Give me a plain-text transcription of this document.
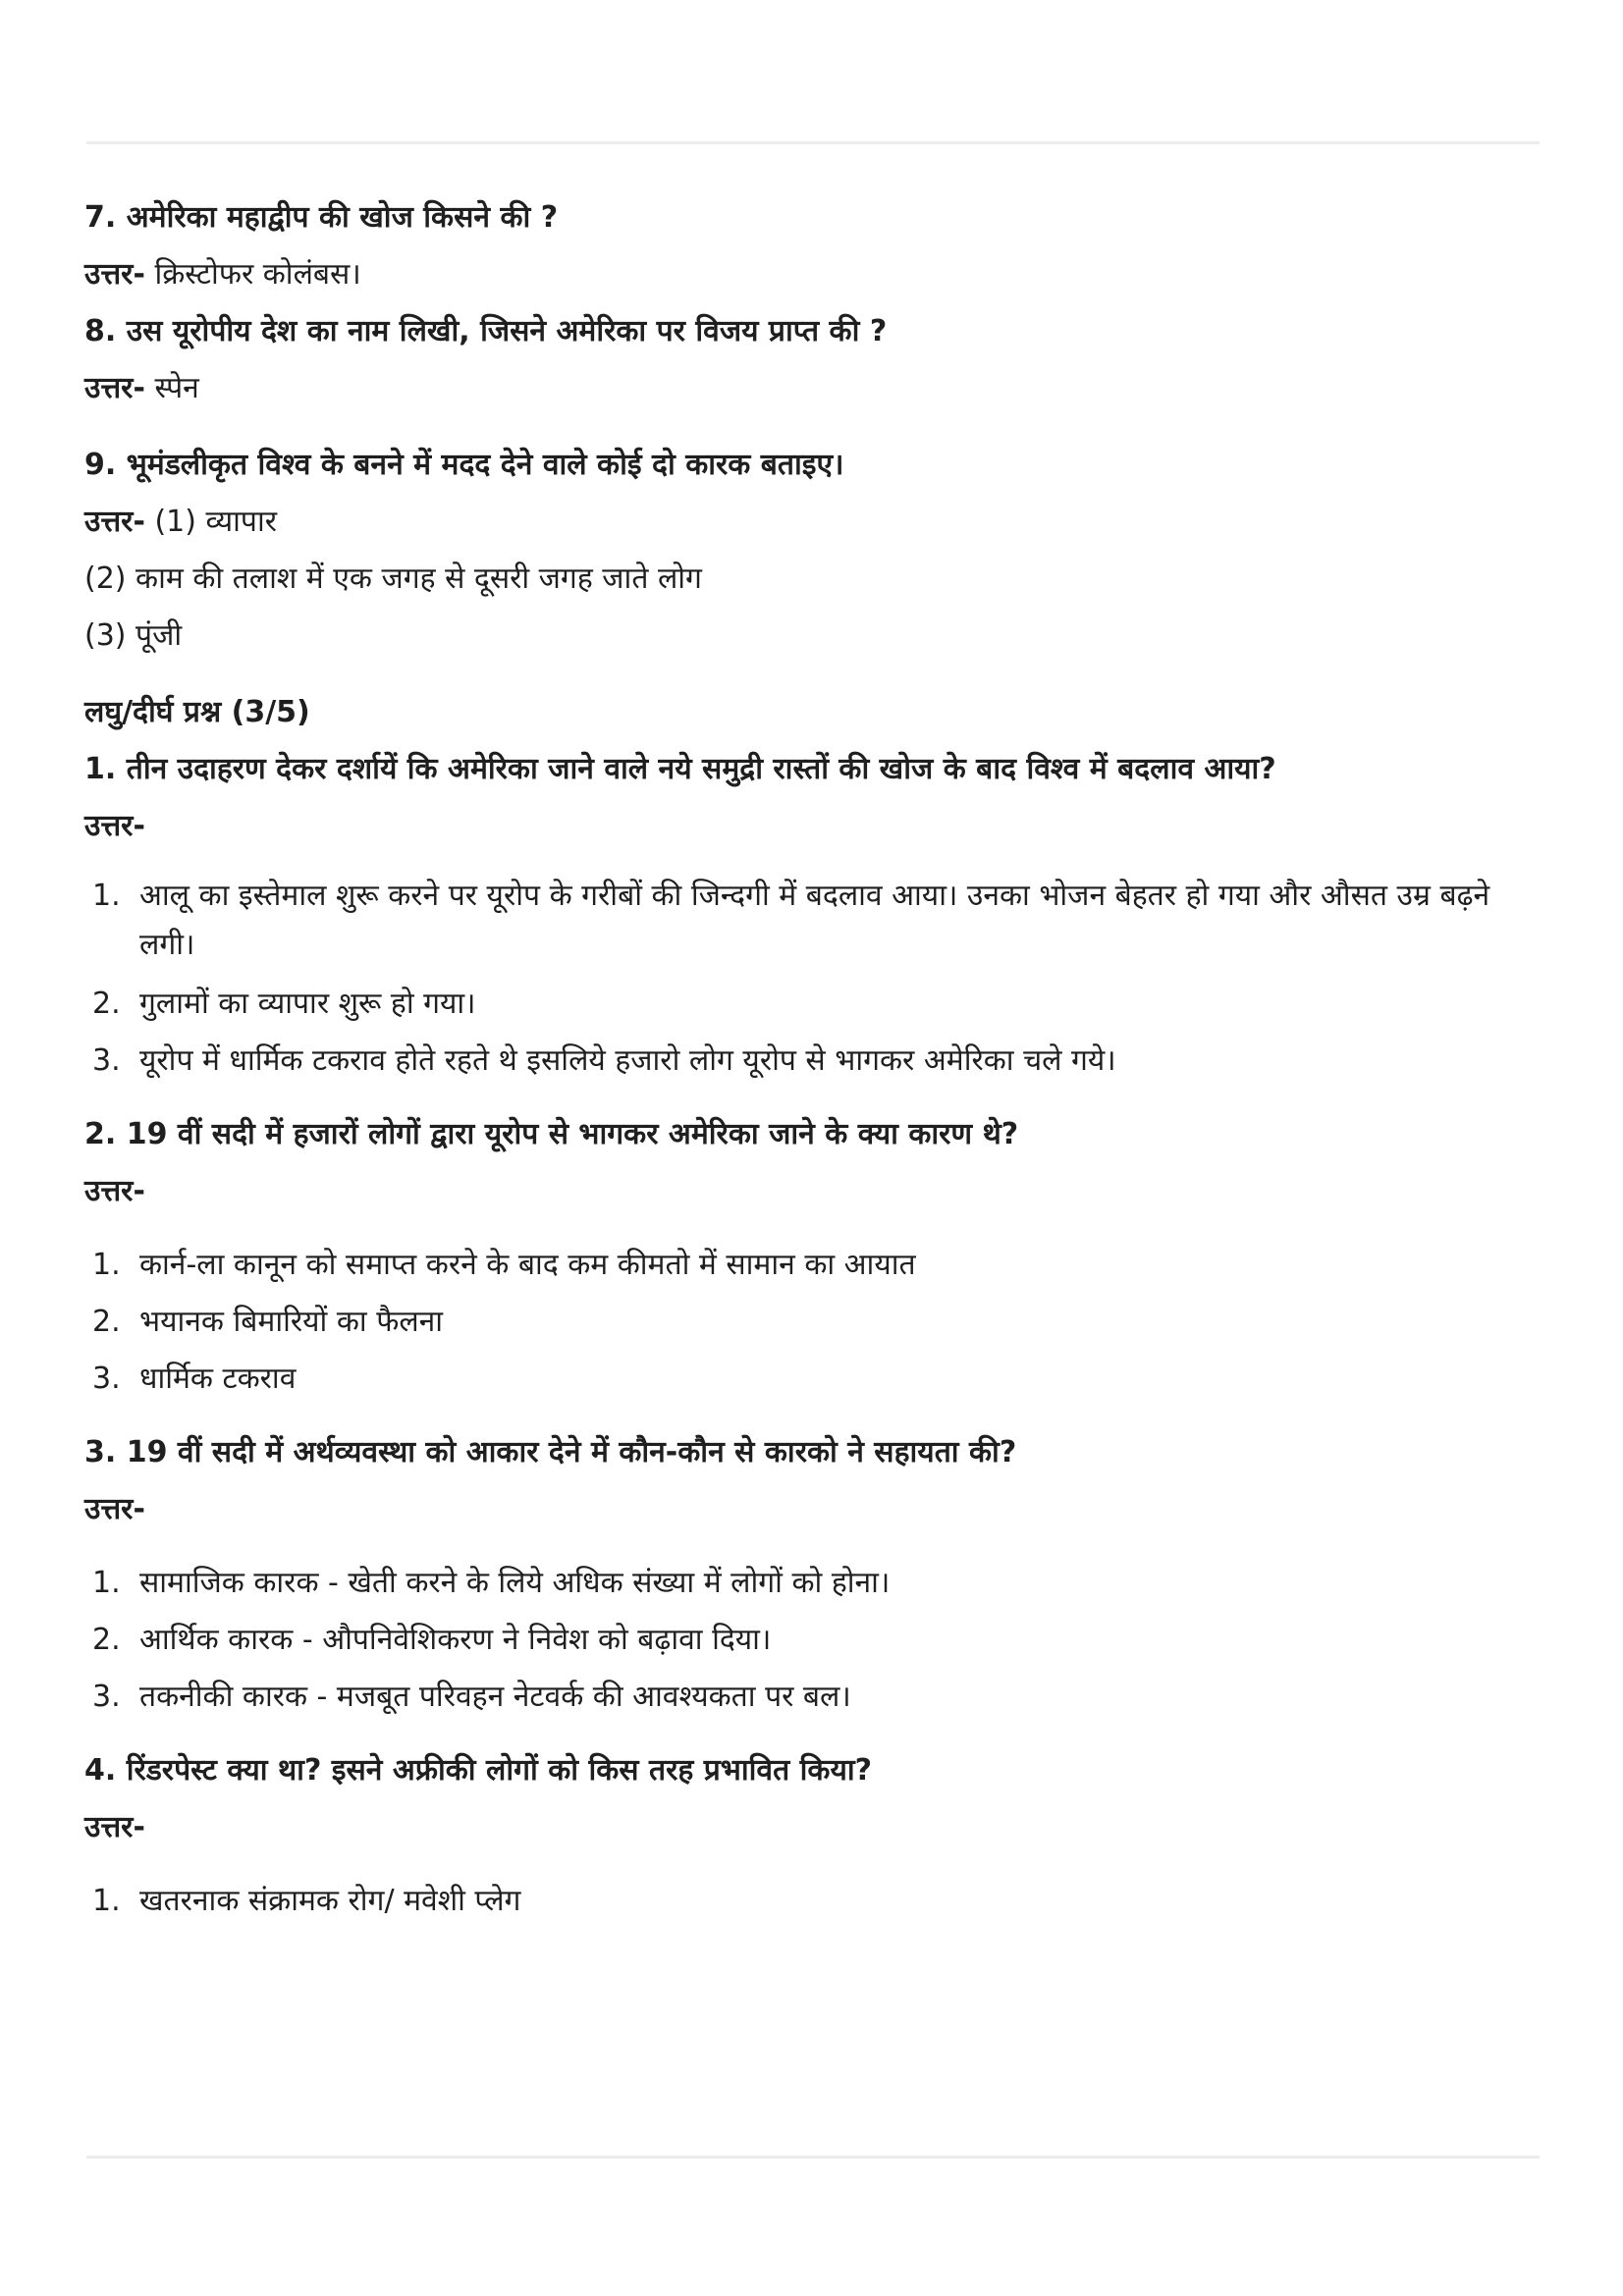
7. अमेरिका महाद्वीप की खोज किसने की ?
उत्तर- क्रिस्टोफर कोलंबस।
8. उस यूरोपीय देश का नाम लिखी, जिसने अमेरिका पर विजय प्राप्त की ?
उत्तर- स्पेन
9. भूमंडलीकृत विश्व के बनने में मदद देने वाले कोई दो कारक बताइए।
उत्तर- (1) व्यापार
(2) काम की तलाश में एक जगह से दूसरी जगह जाते लोग
(3) पूंजी
लघु/दीर्घ प्रश्न (3/5)
1. तीन उदाहरण देकर दर्शायें कि अमेरिका जाने वाले नये समुद्री रास्तों की खोज के बाद विश्व में बदलाव आया?
उत्तर-
1. आलू का इस्तेमाल शुरू करने पर यूरोप के गरीबों की जिन्दगी में बदलाव आया। उनका भोजन बेहतर हो गया और औसत उम्र बढ़ने लगी।
2. गुलामों का व्यापार शुरू हो गया।
3. यूरोप में धार्मिक टकराव होते रहते थे इसलिये हजारो लोग यूरोप से भागकर अमेरिका चले गये।
2. 19 वीं सदी में हजारों लोगों द्वारा यूरोप से भागकर अमेरिका जाने के क्या कारण थे?
उत्तर-
1. कार्न-ला कानून को समाप्त करने के बाद कम कीमतो में सामान का आयात
2. भयानक बिमारियों का फैलना
3. धार्मिक टकराव
3. 19 वीं सदी में अर्थव्यवस्था को आकार देने में कौन-कौन से कारको ने सहायता की?
उत्तर-
1. सामाजिक कारक - खेती करने के लिये अधिक संख्या में लोगों को होना।
2. आर्थिक कारक - औपनिवेशिकरण ने निवेश को बढ़ावा दिया।
3. तकनीकी कारक - मजबूत परिवहन नेटवर्क की आवश्यकता पर बल।
4. रिंडरपेस्ट क्या था? इसने अफ्रीकी लोगों को किस तरह प्रभावित किया?
उत्तर-
1. खतरनाक संक्रामक रोग/ मवेशी प्लेग
